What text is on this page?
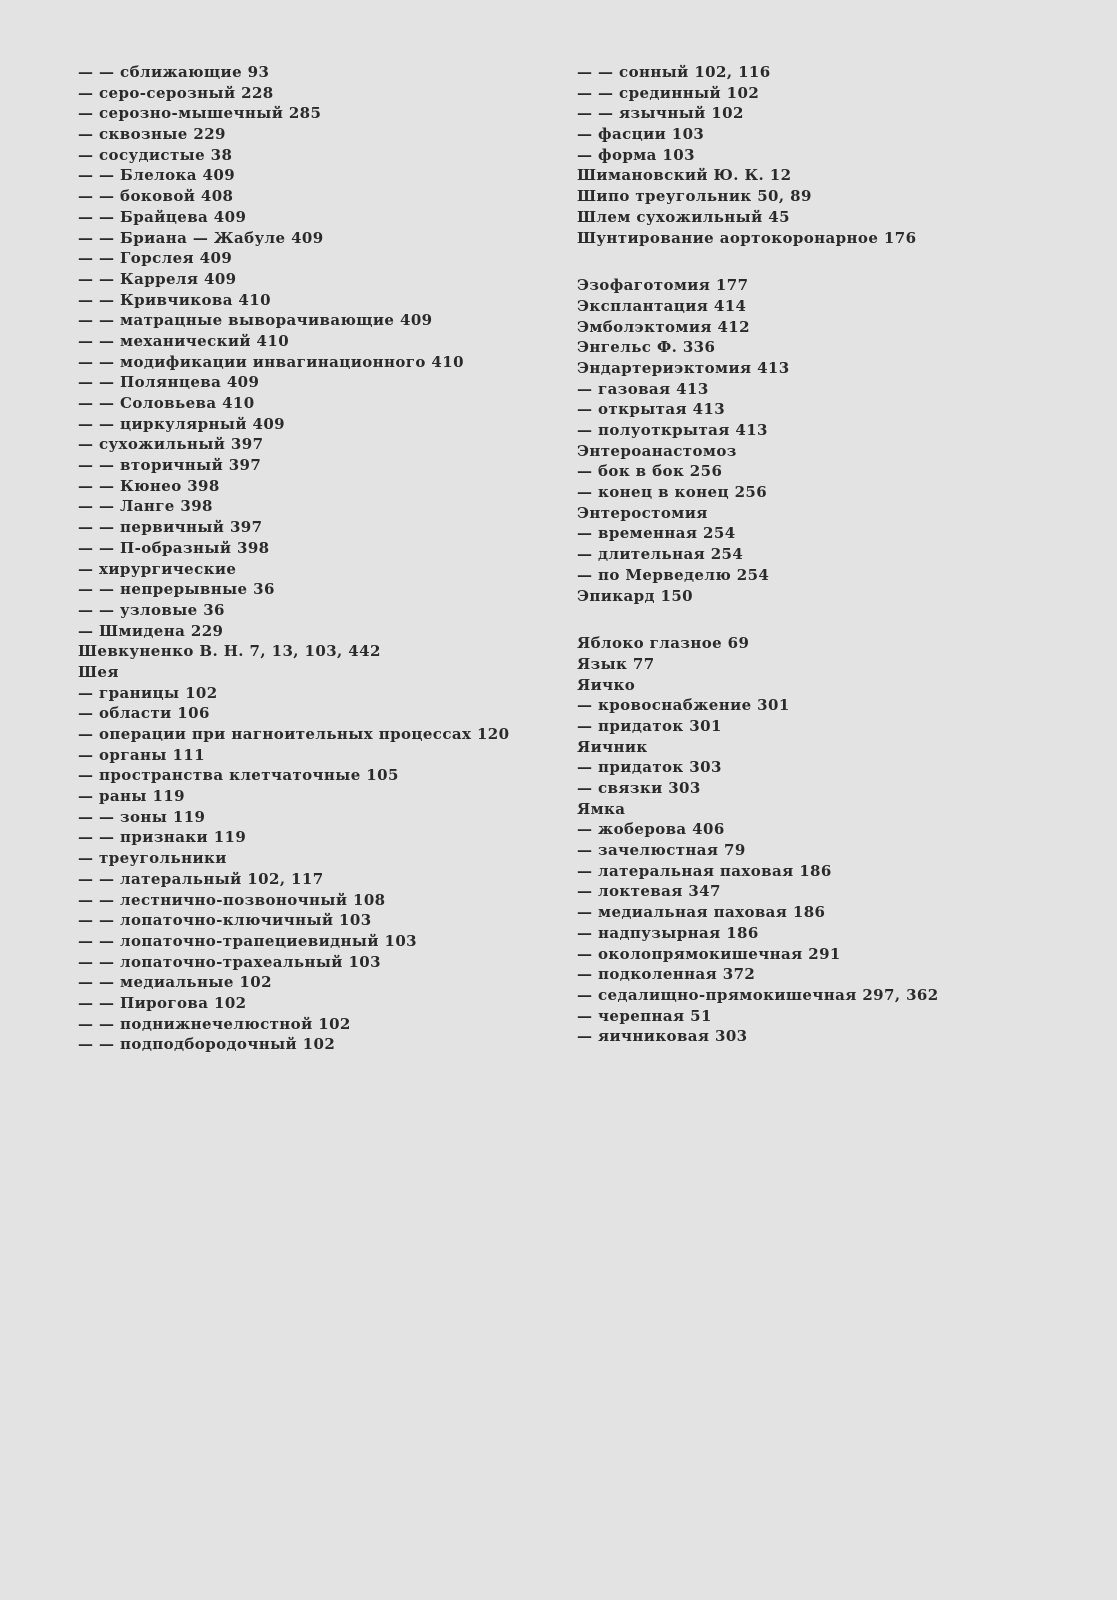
— — сближающие 93
— серо-серозный 228
— серозно-мышечный 285
— сквозные 229
— сосудистые 38
— — Блелока 409
— — боковой 408
— — Брайцева 409
— — Бриана — Жабуле 409
— — Горслея 409
— — Карреля 409
— — Кривчикова 410
— — матрацные выворачивающие 409
— — механический 410
— — модификации инвагинационного 410
— — Полянцева 409
— — Соловьева 410
— — циркулярный 409
— сухожильный 397
— — вторичный 397
— — Кюнео 398
— — Ланге 398
— — первичный 397
— — П-образный 398
— хирургические
— — непрерывные 36
— — узловые 36
— Шмидена 229
Шевкуненко В. Н. 7, 13, 103, 442
Шея
— границы 102
— области 106
— операции при нагноительных процессах 120
— органы 111
— пространства клетчаточные 105
— раны 119
— — зоны 119
— — признаки 119
— треугольники
— — латеральный 102, 117
— — лестнично-позвоночный 108
— — лопаточно-ключичный 103
— — лопаточно-трапециевидный 103
— — лопаточно-трахеальный 103
— — медиальные 102
— — Пирогова 102
— — поднижнечелюстной 102
— — подподбородочный 102
— — сонный 102, 116
— — срединный 102
— — язычный 102
— фасции 103
— форма 103
Шимановский Ю. К. 12
Шипо треугольник 50, 89
Шлем сухожильный 45
Шунтирование аортокоронарное 176
Эзофаготомия 177
Эксплантация 414
Эмболэктомия 412
Энгельс Ф. 336
Эндартериэктомия 413
— газовая 413
— открытая 413
— полуоткрытая 413
Энтероанастомоз
— бок в бок 256
— конец в конец 256
Энтеростомия
— временная 254
— длительная 254
— по Мерведелю 254
Эпикард 150
Яблоко глазное 69
Язык 77
Яичко
— кровоснабжение 301
— придаток 301
Яичник
— придаток 303
— связки 303
Ямка
— жоберова 406
— зачелюстная 79
— латеральная паховая 186
— локтевая 347
— медиальная паховая 186
— надпузырная 186
— околопрямокишечная 291
— подколенная 372
— седалищно-прямокишечная 297, 362
— черепная 51
— яичниковая 303
